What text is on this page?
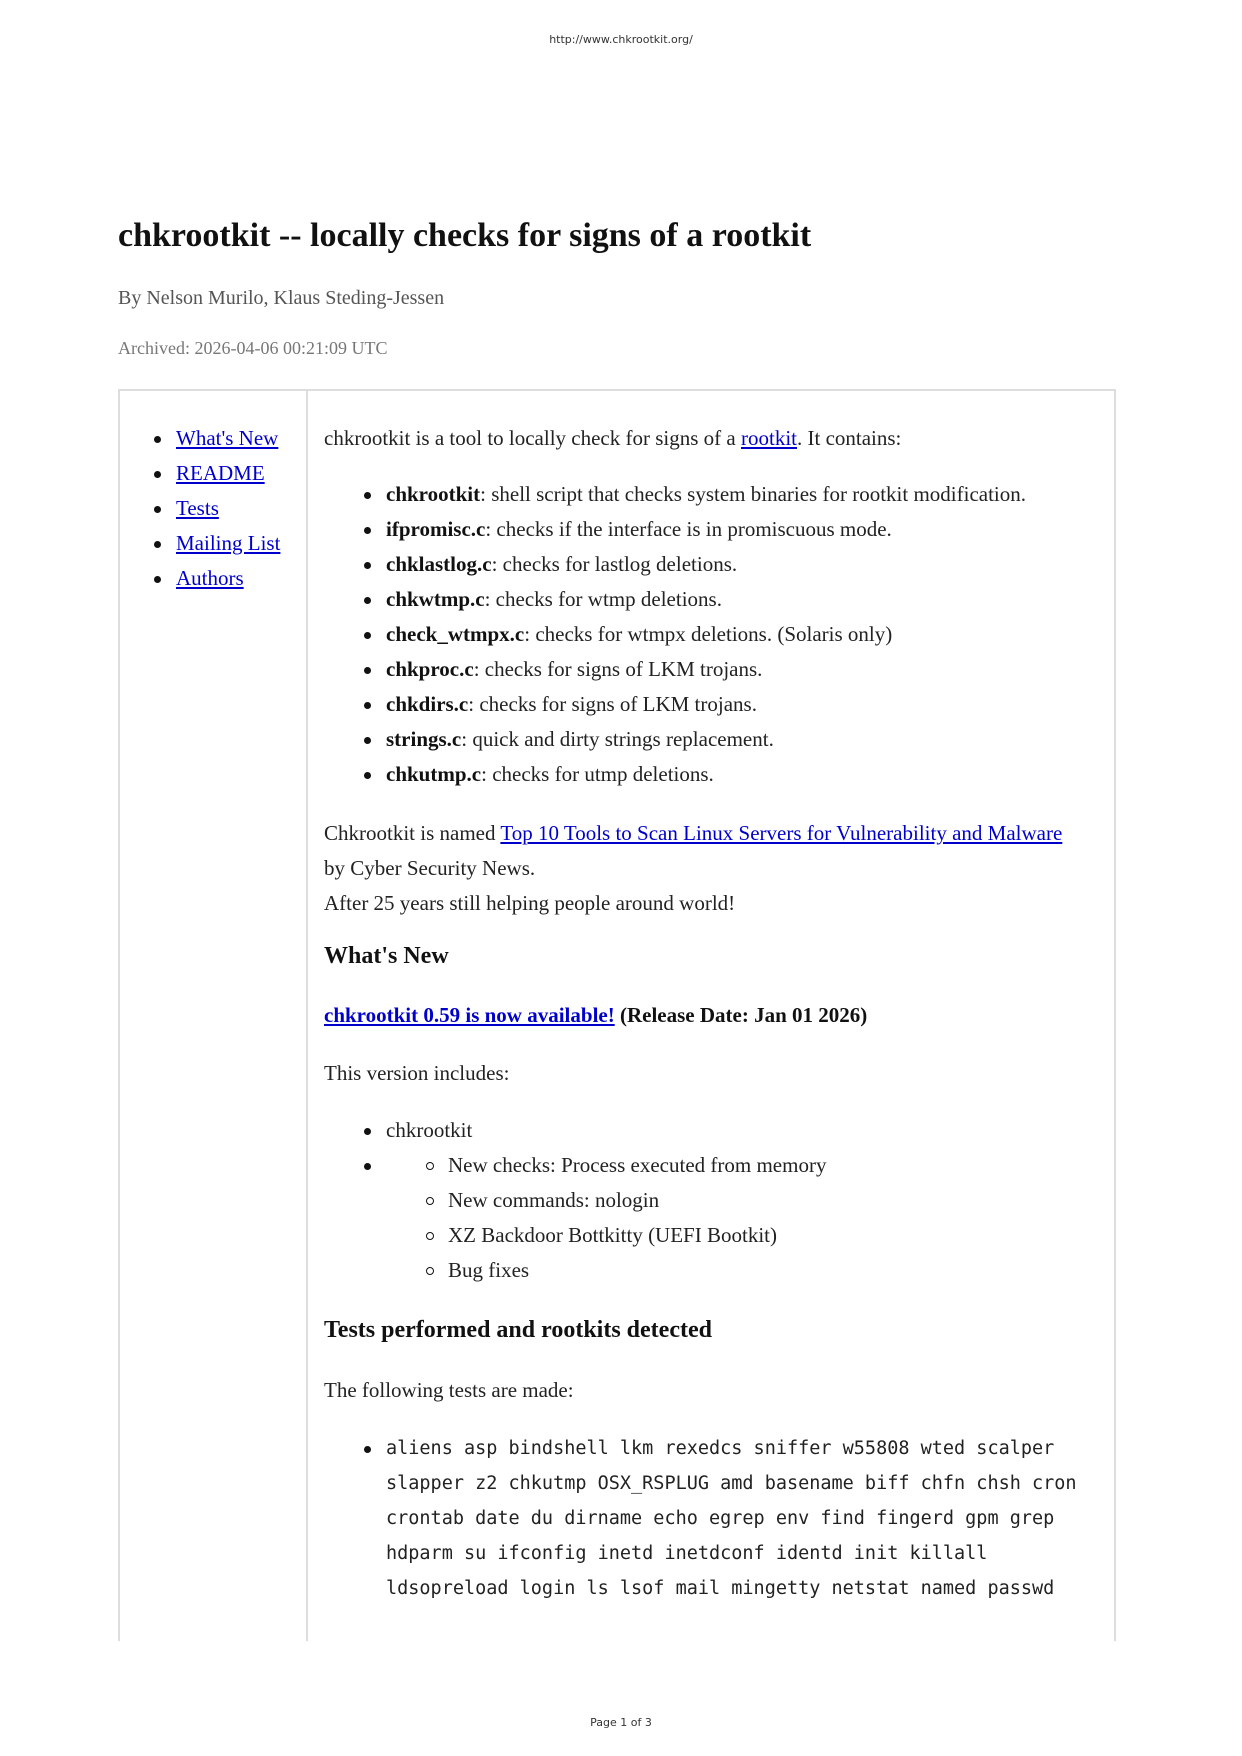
http://www.chkrootkit.org/
chkrootkit -- locally checks for signs of a rootkit
By Nelson Murilo, Klaus Steding-Jessen
Archived: 2026-04-06 00:21:09 UTC
What's New
README
Tests
Mailing List
Authors

chkrootkit is a tool to locally check for signs of a rootkit. It contains:

chkrootkit: shell script that checks system binaries for rootkit modification.
ifpromisc.c: checks if the interface is in promiscuous mode.
chklastlog.c: checks for lastlog deletions.
chkwtmp.c: checks for wtmp deletions.
check_wtmpx.c: checks for wtmpx deletions. (Solaris only)
chkproc.c: checks for signs of LKM trojans.
chkdirs.c: checks for signs of LKM trojans.
strings.c: quick and dirty strings replacement.
chkutmp.c: checks for utmp deletions.

Chkrootkit is named Top 10 Tools to Scan Linux Servers for Vulnerability and Malware

by Cyber Security News.

After 25 years still helping people around world!

What's New

chkrootkit 0.59 is now available! (Release Date: Jan 01 2026)

This version includes:

chkrootkit
New checks: Process executed from memory
New commands: nologin
XZ Backdoor Bottkitty (UEFI Bootkit)
Bug fixes
Tests performed and rootkits detected

The following tests are made:

aliens asp bindshell lkm rexedcs sniffer w55808 wted scalper
slapper z2 chkutmp OSX_RSPLUG amd basename biff chfn chsh cron
crontab date du dirname echo egrep env find fingerd gpm grep
hdparm su ifconfig inetd inetdconf identd init killall
ldsopreload login ls lsof mail mingetty netstat named passwd
Page 1 of 3
